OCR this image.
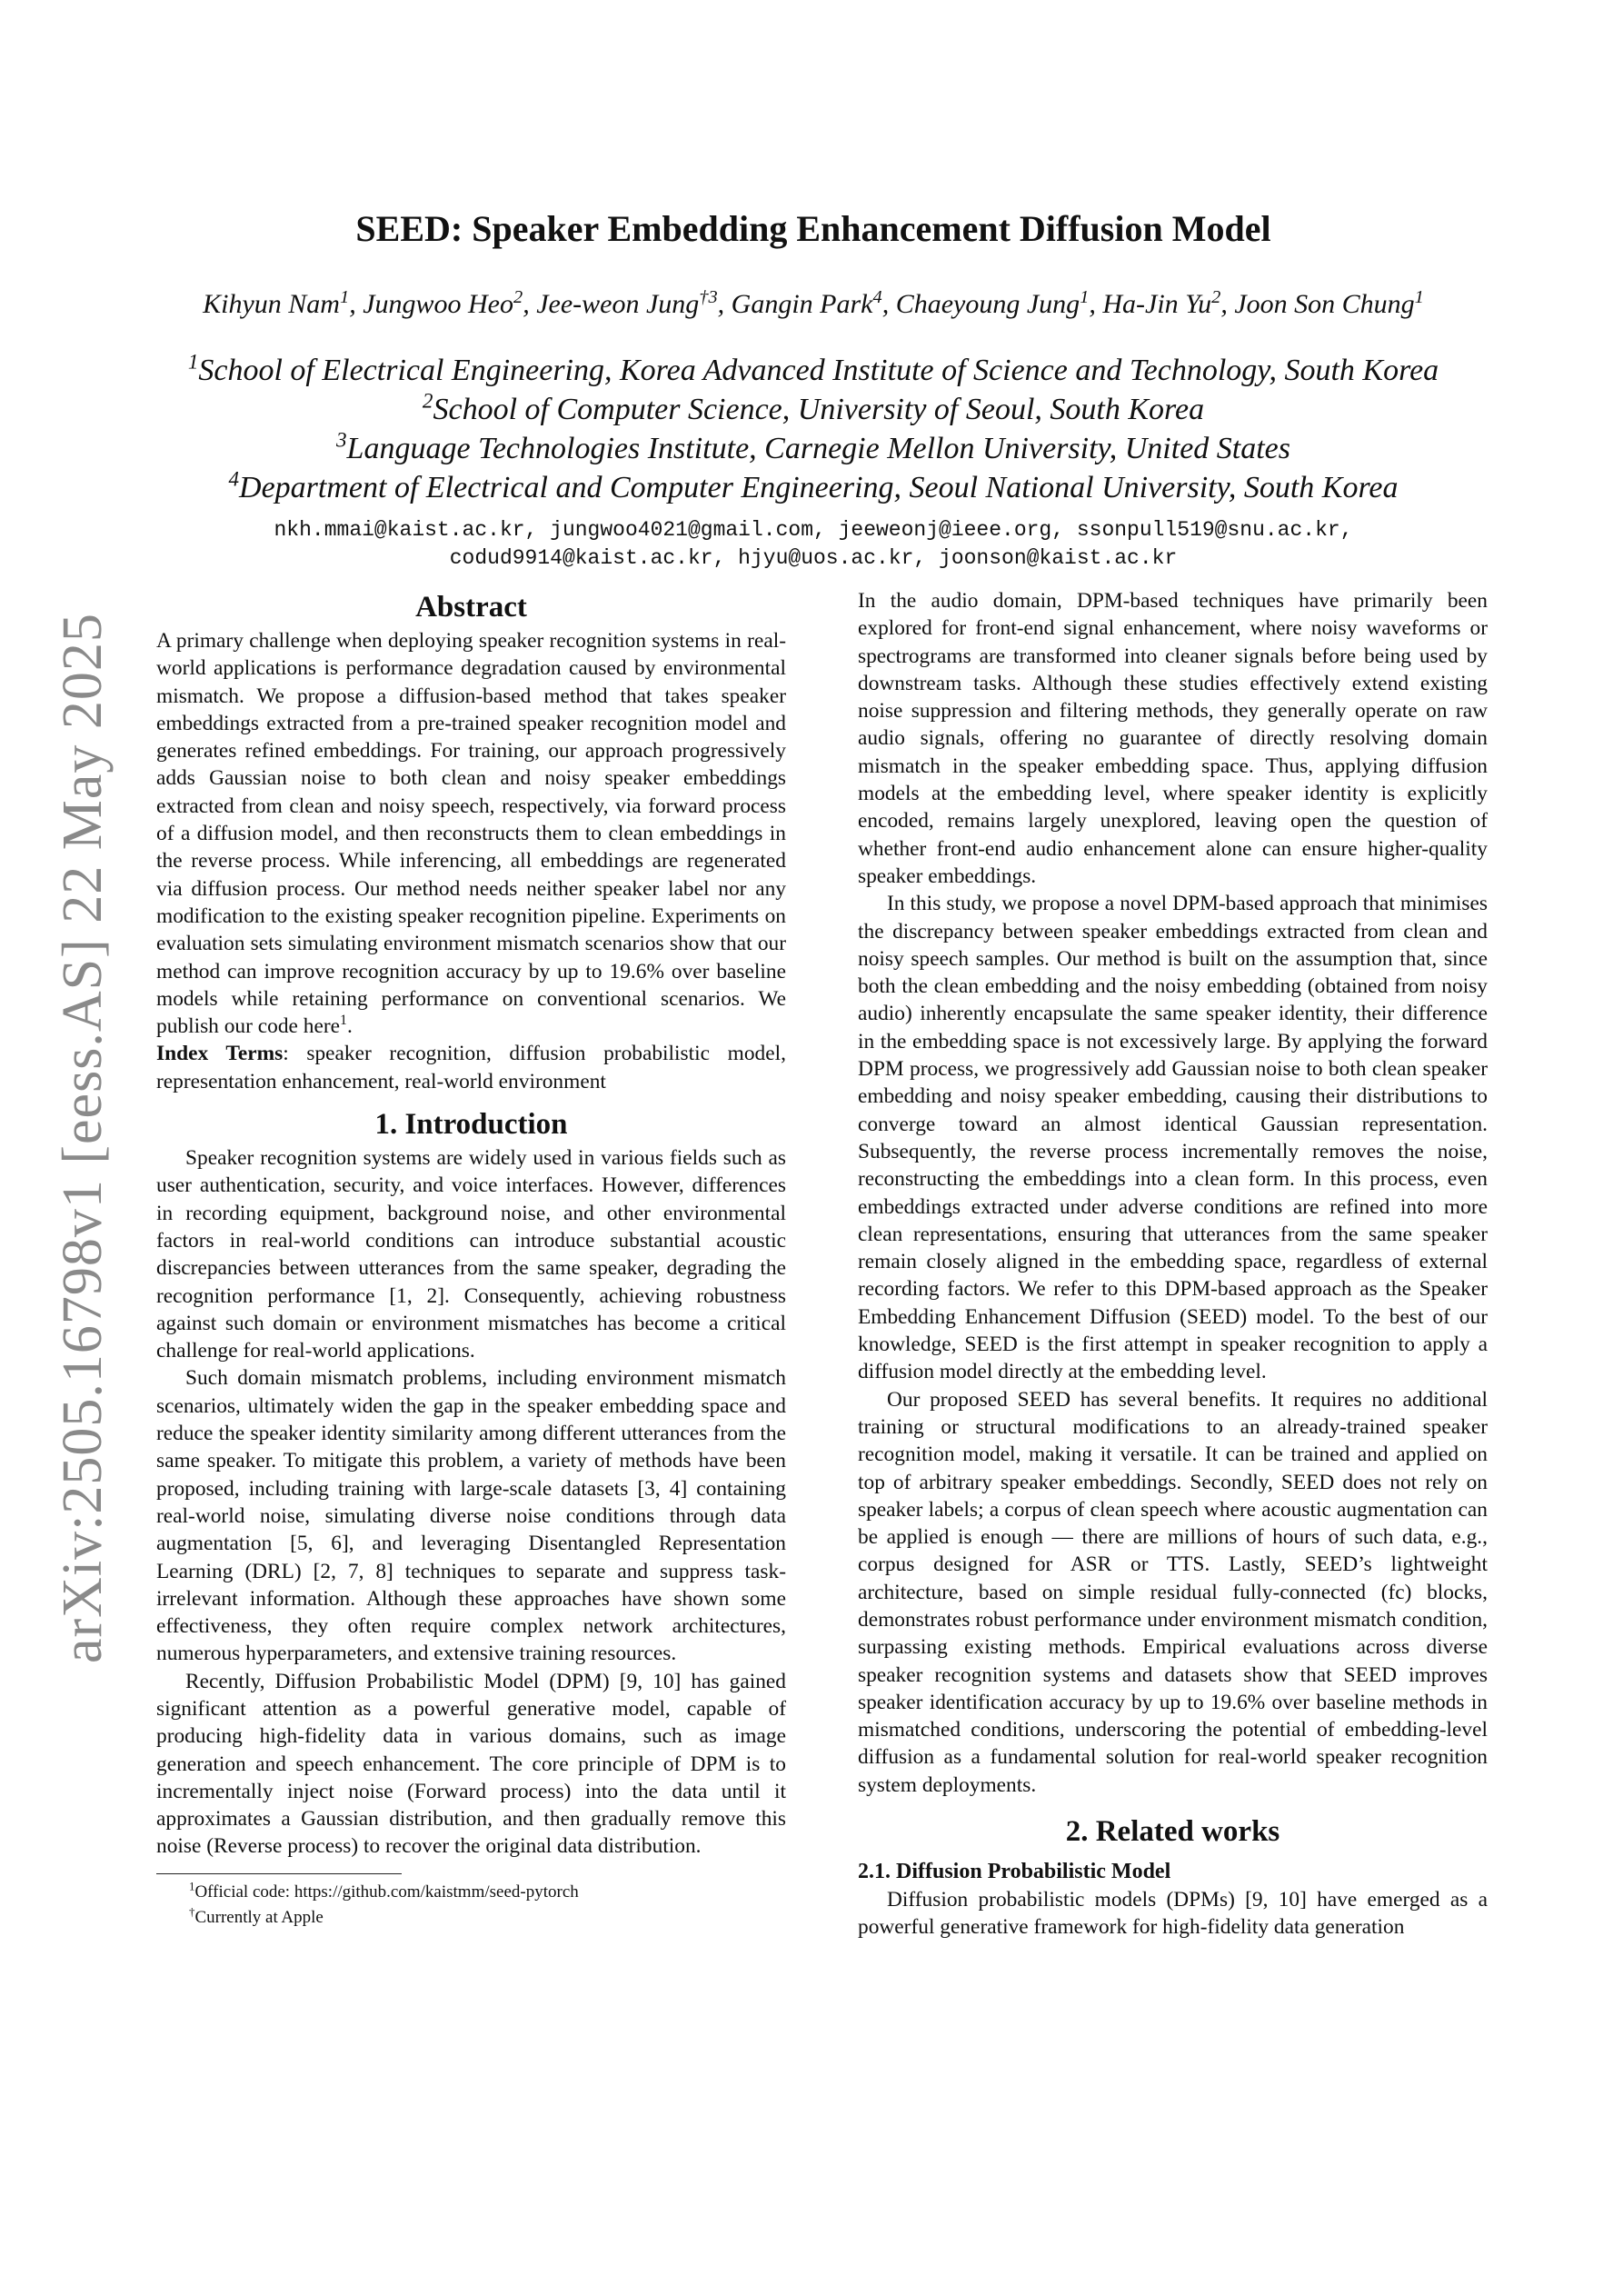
arXiv:2505.16798v1 [eess.AS] 22 May 2025
SEED: Speaker Embedding Enhancement Diffusion Model
Kihyun Nam$^1$, Jungwoo Heo$^2$, Jee-weon Jung$^{\dagger 3}$, Gangin Park$^4$, Chaeyoung Jung$^1$, Ha-Jin Yu$^2$, Joon Son Chung$^1$
$^1$School of Electrical Engineering, Korea Advanced Institute of Science and Technology, South Korea
$^2$School of Computer Science, University of Seoul, South Korea
$^3$Language Technologies Institute, Carnegie Mellon University, United States
$^4$Department of Electrical and Computer Engineering, Seoul National University, South Korea
nkh.mmai@kaist.ac.kr, jungwoo4021@gmail.com, jeeweonj@ieee.org, ssonpull519@snu.ac.kr,
codud9914@kaist.ac.kr, hjyu@uos.ac.kr, joonson@kaist.ac.kr
Abstract

A primary challenge when deploying speaker recognition systems in real-world applications is performance degradation caused by environmental mismatch. We propose a diffusion-based method that takes speaker embeddings extracted from a pre-trained speaker recognition model and generates refined embeddings. For training, our approach progressively adds Gaussian noise to both clean and noisy speaker embeddings extracted from clean and noisy speech, respectively, via forward process of a diffusion model, and then reconstructs them to clean embeddings in the reverse process. While inferencing, all embeddings are regenerated via diffusion process. Our method needs neither speaker label nor any modification to the existing speaker recognition pipeline. Experiments on evaluation sets simulating environment mismatch scenarios show that our method can improve recognition accuracy by up to 19.6% over baseline models while retaining performance on conventional scenarios. We publish our code here$^1$.

Index Terms: speaker recognition, diffusion probabilistic model, representation enhancement, real-world environment

1. Introduction

Speaker recognition systems are widely used in various fields such as user authentication, security, and voice interfaces. However, differences in recording equipment, background noise, and other environmental factors in real-world conditions can introduce substantial acoustic discrepancies between utterances from the same speaker, degrading the recognition performance [1, 2]. Consequently, achieving robustness against such domain or environment mismatches has become a critical challenge for real-world applications.

Such domain mismatch problems, including environment mismatch scenarios, ultimately widen the gap in the speaker embedding space and reduce the speaker identity similarity among different utterances from the same speaker. To mitigate this problem, a variety of methods have been proposed, including training with large-scale datasets [3, 4] containing real-world noise, simulating diverse noise conditions through data augmentation [5, 6], and leveraging Disentangled Representation Learning (DRL) [2, 7, 8] techniques to separate and suppress task-irrelevant information. Although these approaches have shown some effectiveness, they often require complex network architectures, numerous hyperparameters, and extensive training resources.

Recently, Diffusion Probabilistic Model (DPM) [9, 10] has gained significant attention as a powerful generative model, capable of producing high-fidelity data in various domains, such as image generation and speech enhancement. The core principle of DPM is to incrementally inject noise (Forward process) into the data until it approximates a Gaussian distribution, and then gradually remove this noise (Reverse process) to recover the original data distribution.

$^1$Official code: https://github.com/kaistmm/seed-pytorch
†Currently at Apple

In the audio domain, DPM-based techniques have primarily been explored for front-end signal enhancement, where noisy waveforms or spectrograms are transformed into cleaner signals before being used by downstream tasks. Although these studies effectively extend existing noise suppression and filtering methods, they generally operate on raw audio signals, offering no guarantee of directly resolving domain mismatch in the speaker embedding space. Thus, applying diffusion models at the embedding level, where speaker identity is explicitly encoded, remains largely unexplored, leaving open the question of whether front-end audio enhancement alone can ensure higher-quality speaker embeddings.

In this study, we propose a novel DPM-based approach that minimises the discrepancy between speaker embeddings extracted from clean and noisy speech samples. Our method is built on the assumption that, since both the clean embedding and the noisy embedding (obtained from noisy audio) inherently encapsulate the same speaker identity, their difference in the embedding space is not excessively large. By applying the forward DPM process, we progressively add Gaussian noise to both clean speaker embedding and noisy speaker embedding, causing their distributions to converge toward an almost identical Gaussian representation. Subsequently, the reverse process incrementally removes the noise, reconstructing the embeddings into a clean form. In this process, even embeddings extracted under adverse conditions are refined into more clean representations, ensuring that utterances from the same speaker remain closely aligned in the embedding space, regardless of external recording factors. We refer to this DPM-based approach as the Speaker Embedding Enhancement Diffusion (SEED) model. To the best of our knowledge, SEED is the first attempt in speaker recognition to apply a diffusion model directly at the embedding level.

Our proposed SEED has several benefits. It requires no additional training or structural modifications to an already-trained speaker recognition model, making it versatile. It can be trained and applied on top of arbitrary speaker embeddings. Secondly, SEED does not rely on speaker labels; a corpus of clean speech where acoustic augmentation can be applied is enough — there are millions of hours of such data, e.g., corpus designed for ASR or TTS. Lastly, SEED’s lightweight architecture, based on simple residual fully-connected (fc) blocks, demonstrates robust performance under environment mismatch condition, surpassing existing methods. Empirical evaluations across diverse speaker recognition systems and datasets show that SEED improves speaker identification accuracy by up to 19.6% over baseline methods in mismatched conditions, underscoring the potential of embedding-level diffusion as a fundamental solution for real-world speaker recognition system deployments.

2. Related works
2.1. Diffusion Probabilistic Model

Diffusion probabilistic models (DPMs) [9, 10] have emerged as a powerful generative framework for high-fidelity data generation
